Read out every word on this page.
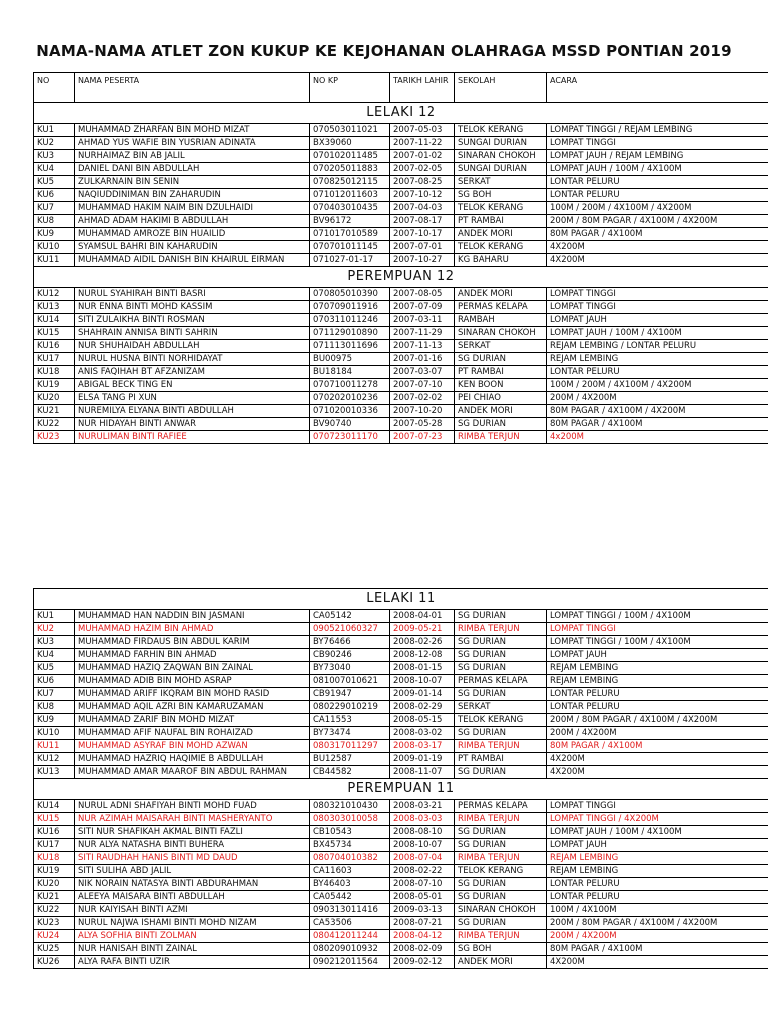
NAMA-NAMA ATLET ZON KUKUP KE KEJOHANAN OLAHRAGA MSSD PONTIAN 2019
NO	NAMA PESERTA	NO KP	TARIKH LAHIR	SEKOLAH	ACARA
LELAKI 12					
KU1	MUHAMMAD ZHARFAN BIN MOHD MIZAT	070503011021	2007-05-03	TELOK KERANG	LOMPAT TINGGI / REJAM LEMBING
KU2	AHMAD YUS WAFIE BIN YUSRIAN ADINATA	BX39060	2007-11-22	SUNGAI DURIAN	LOMPAT TINGGI
KU3	NURHAIMAZ BIN AB JALIL	070102011485	2007-01-02	SINARAN CHOKOH	LOMPAT JAUH / REJAM LEMBING
KU4	DANIEL DANI BIN ABDULLAH	070205011883	2007-02-05	SUNGAI DURIAN	LOMPAT JAUH / 100M / 4X100M
KU5	ZULKARNAIN BIN SENIN	070825012115	2007-08-25	SERKAT	LONTAR PELURU
KU6	NAQIUDDINIMAN BIN ZAHARUDIN	071012011603	2007-10-12	SG BOH	LONTAR PELURU
KU7	MUHAMMAD HAKIM NAIM BIN DZULHAIDI	070403010435	2007-04-03	TELOK KERANG	100M / 200M / 4X100M / 4X200M
KU8	AHMAD ADAM HAKIMI B ABDULLAH	BV96172	2007-08-17	PT RAMBAI	200M / 80M PAGAR / 4X100M / 4X200M
KU9	MUHAMMAD AMROZE BIN HUAILID	071017010589	2007-10-17	ANDEK MORI	80M PAGAR / 4X100M
KU10	SYAMSUL BAHRI BIN KAHARUDIN	070701011145	2007-07-01	TELOK KERANG	4X200M
KU11	MUHAMMAD AIDIL DANISH BIN KHAIRUL EIRMAN	071027-01-17	2007-10-27	KG BAHARU	4X200M
PEREMPUAN 12					
KU12	NURUL SYAHIRAH BINTI BASRI	070805010390	2007-08-05	ANDEK MORI	LOMPAT TINGGI
KU13	NUR ENNA BINTI MOHD KASSIM	070709011916	2007-07-09	PERMAS KELAPA	LOMPAT TINGGI
KU14	SITI ZULAIKHA BINTI ROSMAN	070311011246	2007-03-11	RAMBAH	LOMPAT JAUH
KU15	SHAHRAIN ANNISA BINTI SAHRIN	071129010890	2007-11-29	SINARAN CHOKOH	LOMPAT JAUH / 100M / 4X100M
KU16	NUR SHUHAIDAH ABDULLAH	071113011696	2007-11-13	SERKAT	REJAM LEMBING / LONTAR PELURU
KU17	NURUL HUSNA BINTI NORHIDAYAT	BU00975	2007-01-16	SG DURIAN	REJAM LEMBING
KU18	ANIS FAQIHAH BT AFZANIZAM	BU18184	2007-03-07	PT RAMBAI	LONTAR PELURU
KU19	ABIGAL BECK TING EN	070710011278	2007-07-10	KEN BOON	100M / 200M / 4X100M / 4X200M
KU20	ELSA TANG PI XUN	070202010236	2007-02-02	PEI CHIAO	200M / 4X200M
KU21	NUREMILYA ELYANA BINTI ABDULLAH	071020010336	2007-10-20	ANDEK MORI	80M PAGAR / 4X100M / 4X200M
KU22	NUR HIDAYAH BINTI ANWAR	BV90740	2007-05-28	SG DURIAN	80M PAGAR / 4X100M
KU23	NURULIMAN BINTI RAFIEE	070723011170	2007-07-23	RIMBA TERJUN	4x200M
LELAKI 11					
KU1	MUHAMMAD HAN NADDIN BIN JASMANI	CA05142	2008-04-01	SG DURIAN	LOMPAT TINGGI / 100M / 4X100M
KU2	MUHAMMAD HAZIM BIN AHMAD	090521060327	2009-05-21	RIMBA TERJUN	LOMPAT TINGGI
KU3	MUHAMMAD FIRDAUS BIN ABDUL KARIM	BY76466	2008-02-26	SG DURIAN	LOMPAT TINGGI / 100M / 4X100M
KU4	MUHAMMAD FARHIN BIN AHMAD	CB90246	2008-12-08	SG DURIAN	LOMPAT JAUH
KU5	MUHAMMAD HAZIQ ZAQWAN BIN ZAINAL	BY73040	2008-01-15	SG DURIAN	REJAM LEMBING
KU6	MUHAMMAD ADIB BIN MOHD ASRAP	081007010621	2008-10-07	PERMAS KELAPA	REJAM LEMBING
KU7	MUHAMMAD ARIFF IKQRAM BIN MOHD RASID	CB91947	2009-01-14	SG DURIAN	LONTAR PELURU
KU8	MUHAMMAD AQIL AZRI BIN KAMARUZAMAN	080229010219	2008-02-29	SERKAT	LONTAR PELURU
KU9	MUHAMMAD ZARIF BIN MOHD MIZAT	CA11553	2008-05-15	TELOK KERANG	200M / 80M PAGAR / 4X100M / 4X200M
KU10	MUHAMMAD AFIF NAUFAL BIN ROHAIZAD	BY73474	2008-03-02	SG DURIAN	200M / 4X200M
KU11	MUHAMMAD ASYRAF BIN MOHD AZWAN	080317011297	2008-03-17	RIMBA TERJUN	80M PAGAR / 4X100M
KU12	MUHAMMAD HAZRIQ HAQIMIE B ABDULLAH	BU12587	2009-01-19	PT RAMBAI	4X200M
KU13	MUHAMMAD AMAR MAAROF BIN ABDUL RAHMAN	CB44582	2008-11-07	SG DURIAN	4X200M
PEREMPUAN 11					
KU14	NURUL ADNI SHAFIYAH BINTI MOHD FUAD	080321010430	2008-03-21	PERMAS KELAPA	LOMPAT TINGGI
KU15	NUR AZIMAH MAISARAH BINTI MASHERYANTO	080303010058	2008-03-03	RIMBA TERJUN	LOMPAT TINGGI / 4X200M
KU16	SITI NUR SHAFIKAH AKMAL BINTI FAZLI	CB10543	2008-08-10	SG DURIAN	LOMPAT JAUH / 100M / 4X100M
KU17	NUR ALYA NATASHA BINTI BUHERA	BX45734	2008-10-07	SG DURIAN	LOMPAT JAUH
KU18	SITI RAUDHAH HANIS BINTI MD DAUD	080704010382	2008-07-04	RIMBA TERJUN	REJAM LEMBING
KU19	SITI SULIHA ABD JALIL	CA11603	2008-02-22	TELOK KERANG	REJAM LEMBING
KU20	NIK NORAIN NATASYA BINTI ABDURAHMAN	BY46403	2008-07-10	SG DURIAN	LONTAR PELURU
KU21	ALEEYA MAISARA BINTI ABDULLAH	CA05442	2008-05-01	SG DURIAN	LONTAR PELURU
KU22	NUR KAIYISAH BINTI AZMI	090313011416	2009-03-13	SINARAN CHOKOH	100M / 4X100M
KU23	NURUL NAJWA ISHAMI BINTI MOHD NIZAM	CA53506	2008-07-21	SG DURIAN	200M / 80M PAGAR / 4X100M / 4X200M
KU24	ALYA SOFHIA BINTI ZOLMAN	080412011244	2008-04-12	RIMBA TERJUN	200M / 4X200M
KU25	NUR HANISAH BINTI ZAINAL	080209010932	2008-02-09	SG BOH	80M PAGAR / 4X100M
KU26	ALYA RAFA BINTI UZIR	090212011564	2009-02-12	ANDEK MORI	4X200M
